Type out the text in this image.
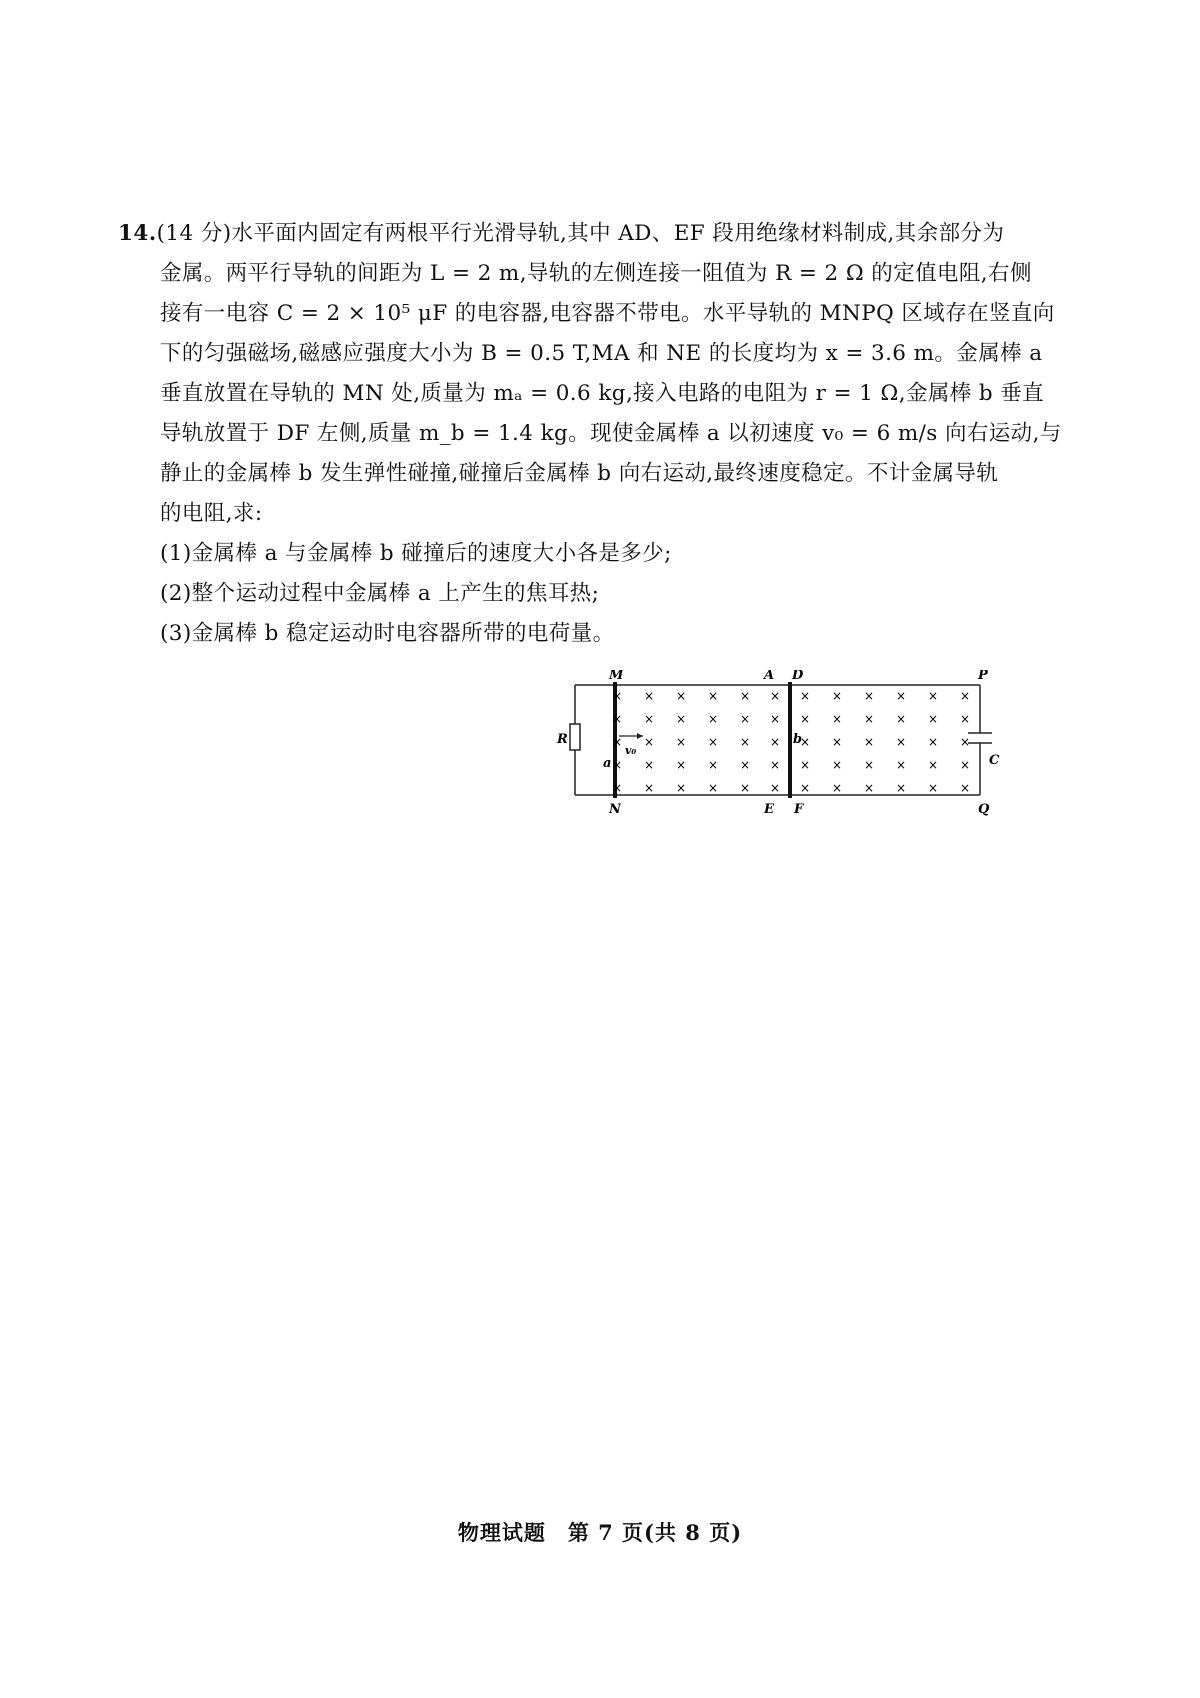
14.(14 分)水平面内固定有两根平行光滑导轨,其中 AD、EF 段用绝缘材料制成,其余部分为
金属。两平行导轨的间距为 L = 2 m,导轨的左侧连接一阻值为 R = 2 Ω 的定值电阻,右侧
接有一电容 C = 2 × 10⁵ μF 的电容器,电容器不带电。水平导轨的 MNPQ 区域存在竖直向
下的匀强磁场,磁感应强度大小为 B = 0.5 T,MA 和 NE 的长度均为 x = 3.6 m。金属棒 a
垂直放置在导轨的 MN 处,质量为 mₐ = 0.6 kg,接入电路的电阻为 r = 1 Ω,金属棒 b 垂直
导轨放置于 DF 左侧,质量 m_b = 1.4 kg。现使金属棒 a 以初速度 v₀ = 6 m/s 向右运动,与
静止的金属棒 b 发生弹性碰撞,碰撞后金属棒 b 向右运动,最终速度稳定。不计金属导轨
的电阻,求:
(1)金属棒 a 与金属棒 b 碰撞后的速度大小各是多少;
(2)整个运动过程中金属棒 a 上产生的焦耳热;
(3)金属棒 b 稳定运动时电容器所带的电荷量。
× × × × × × × × × × × ×
× × × × × × × × × × × ×
× × × × × × × × × × × ×
× × × × × × × × × × × ×
× × × × × × × × × × × ×
M
N
A D
E F
P
Q
R
C
a
b
v₀
物理试题　第 7 页(共 8 页)
